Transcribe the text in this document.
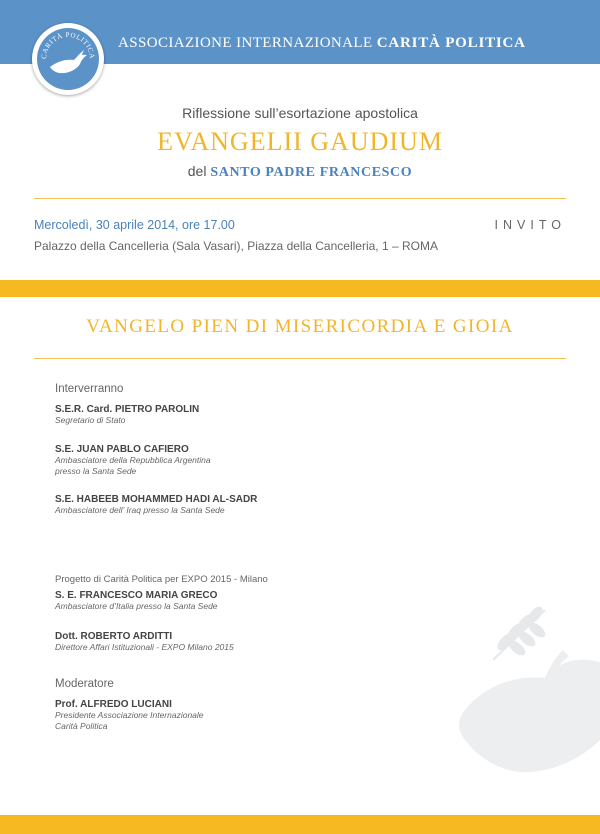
ASSOCIAZIONE INTERNAZIONALE CARITÀ POLITICA
CARITÀ POLITICA
Riflessione sull’esortazione apostolica
EVANGELII GAUDIUM
del SANTO PADRE FRANCESCO
Mercoledì, 30 aprile 2014, ore 17.00	INVITO
Palazzo della Cancelleria (Sala Vasari), Piazza della Cancelleria, 1 – ROMA
VANGELO PIEN DI MISERICORDIA E GIOIA
Interverranno
S.E.R. Card. PIETRO PAROLIN
Segretario di Stato
S.E. JUAN PABLO CAFIERO
Ambasciatore della Repubblica Argentina
presso la Santa Sede
S.E. HABEEB MOHAMMED HADI AL-SADR
Ambasciatore dell’ Iraq presso la Santa Sede
Progetto di Carità Politica per EXPO 2015 - Milano
S. E. FRANCESCO MARIA GRECO
Ambasciatore d’Italia presso la Santa Sede
Dott. ROBERTO ARDITTI
Direttore Affari Istituzionali - EXPO Milano 2015
Moderatore
Prof. ALFREDO LUCIANI
Presidente Associazione Internazionale
Carità Politica
